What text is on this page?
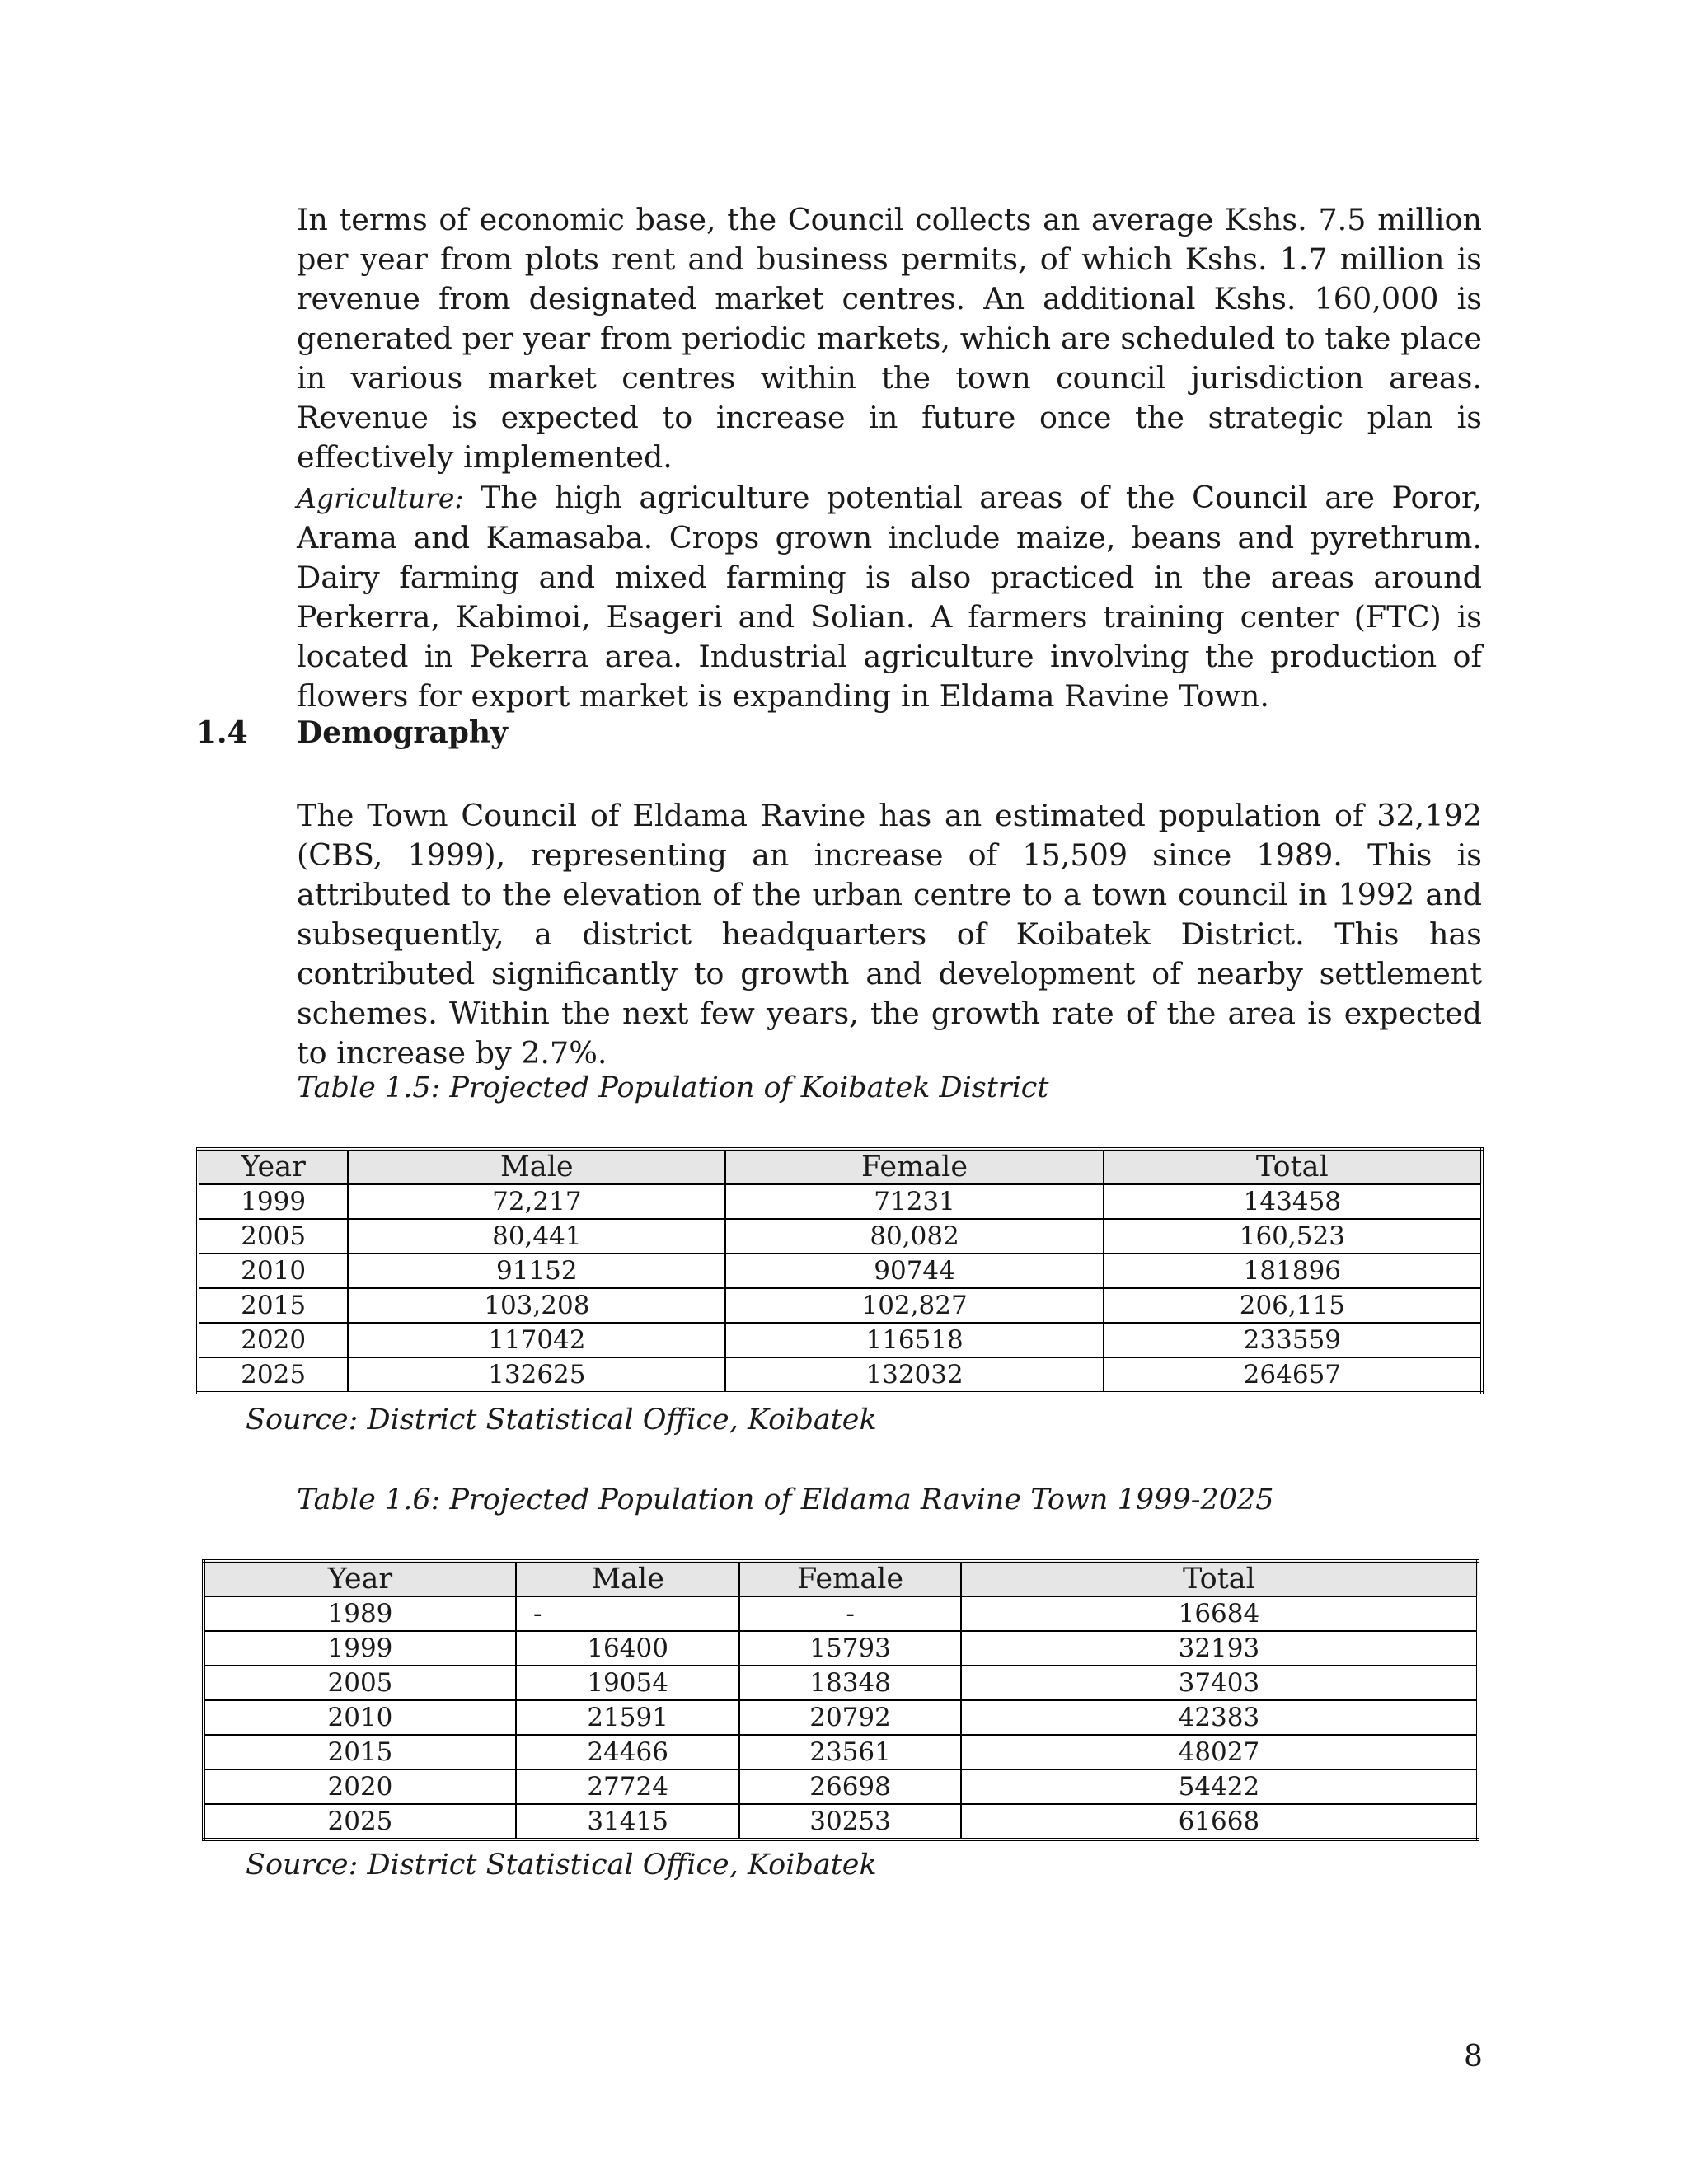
In terms of economic base, the Council collects an average Kshs. 7.5 million per year from plots rent and business permits, of which Kshs. 1.7 million is revenue from designated market centres. An additional Kshs. 160,000 is generated per year from periodic markets, which are scheduled to take place in various market centres within the town council jurisdiction areas. Revenue is expected to increase in future once the strategic plan is effectively implemented.

Agriculture: The high agriculture potential areas of the Council are Poror, Arama and Kamasaba. Crops grown include maize, beans and pyrethrum. Dairy farming and mixed farming is also practiced in the areas around Perkerra, Kabimoi, Esageri and Solian. A farmers training center (FTC) is located in Pekerra area. Industrial agriculture involving the production of flowers for export market is expanding in Eldama Ravine Town.

1.4 Demography

The Town Council of Eldama Ravine has an estimated population of 32,192 (CBS, 1999), representing an increase of 15,509 since 1989. This is attributed to the elevation of the urban centre to a town council in 1992 and subsequently, a district headquarters of Koibatek District. This has contributed significantly to growth and development of nearby settlement schemes. Within the next few years, the growth rate of the area is expected to increase by 2.7%.

Table 1.5: Projected Population of Koibatek District

Year	Male	Female	Total
1999	72,217	71231	143458
2005	80,441	80,082	160,523
2010	91152	90744	181896
2015	103,208	102,827	206,115
2020	117042	116518	233559
2025	132625	132032	264657

Source: District Statistical Office, Koibatek

Table 1.6: Projected Population of Eldama Ravine Town 1999-2025

Year	Male	Female	Total
1989	-	-	16684
1999	16400	15793	32193
2005	19054	18348	37403
2010	21591	20792	42383
2015	24466	23561	48027
2020	27724	26698	54422
2025	31415	30253	61668

Source: District Statistical Office, Koibatek

8
